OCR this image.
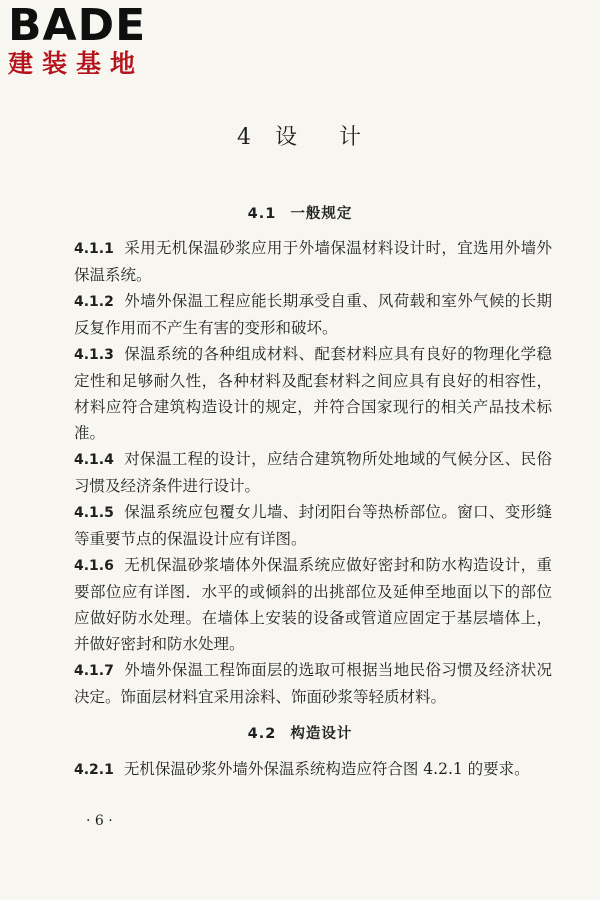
BADE
建装基地
4 设 计
4.1 一般规定

4.1.1 采用无机保温砂浆应用于外墙保温材料设计时，宜选用外墙外保温系统。

4.1.2 外墙外保温工程应能长期承受自重、风荷载和室外气候的长期反复作用而不产生有害的变形和破坏。

4.1.3 保温系统的各种组成材料、配套材料应具有良好的物理化学稳定性和足够耐久性，各种材料及配套材料之间应具有良好的相容性，材料应符合建筑构造设计的规定，并符合国家现行的相关产品技术标准。

4.1.4 对保温工程的设计，应结合建筑物所处地域的气候分区、民俗习惯及经济条件进行设计。

4.1.5 保温系统应包覆女儿墙、封闭阳台等热桥部位。窗口、变形缝等重要节点的保温设计应有详图。

4.1.6 无机保温砂浆墙体外保温系统应做好密封和防水构造设计，重要部位应有详图．水平的或倾斜的出挑部位及延伸至地面以下的部位应做好防水处理。在墙体上安装的设备或管道应固定于基层墙体上，并做好密封和防水处理。

4.1.7 外墙外保温工程饰面层的选取可根据当地民俗习惯及经济状况决定。饰面层材料宜采用涂料、饰面砂浆等轻质材料。

4.2 构造设计

4.2.1 无机保温砂浆外墙外保温系统构造应符合图 4.2.1 的要求。

· 6 ·
